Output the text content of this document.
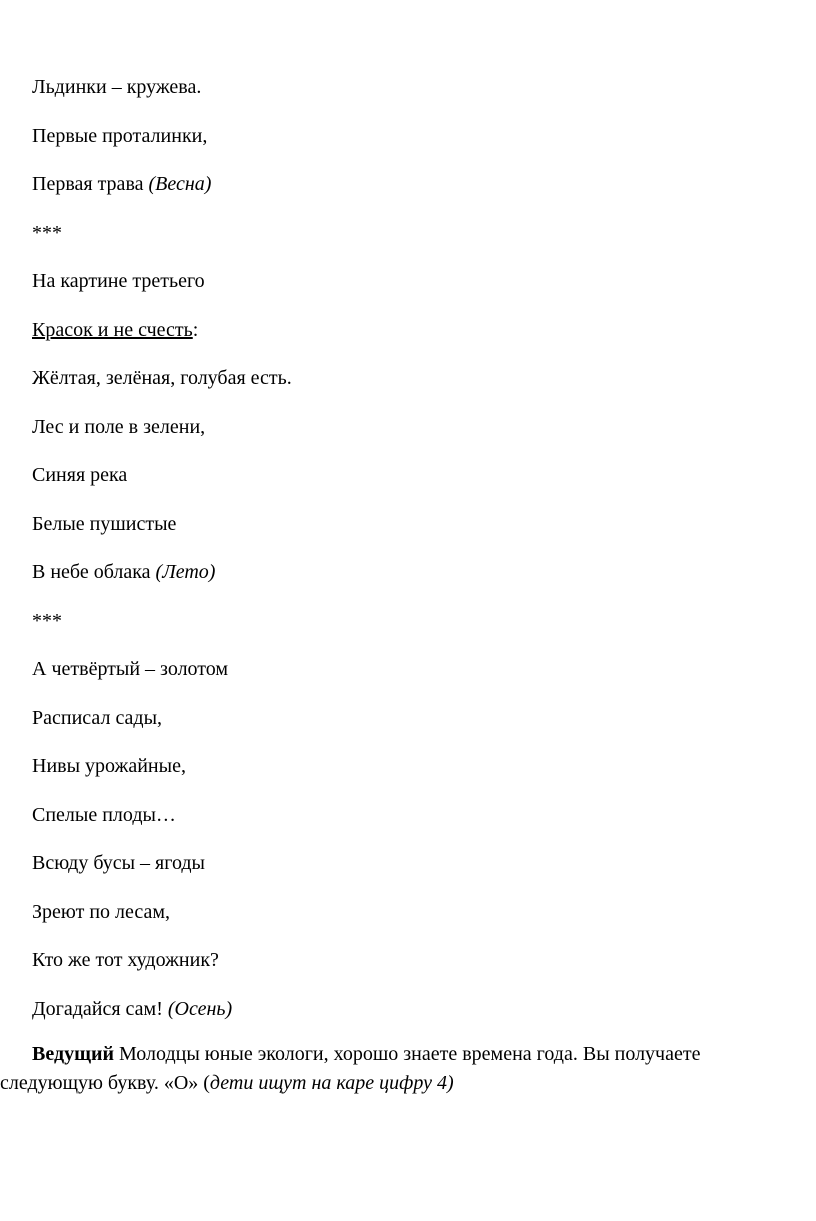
Льдинки – кружева.
Первые проталинки,
Первая трава (Весна)
***
На картине третьего
Красок и не счесть:
Жёлтая, зелёная, голубая есть.
Лес и поле в зелени,
Синяя река
Белые пушистые
В небе облака (Лето)
***
А четвёртый – золотом
Расписал сады,
Нивы урожайные,
Спелые плоды…
Всюду бусы – ягоды
Зреют по лесам,
Кто же тот художник?
Догадайся сам! (Осень)

Ведущий Молодцы юные экологи, хорошо знаете времена года. Вы получаете следующую букву. «О» (дети ищут на каре цифру 4)
